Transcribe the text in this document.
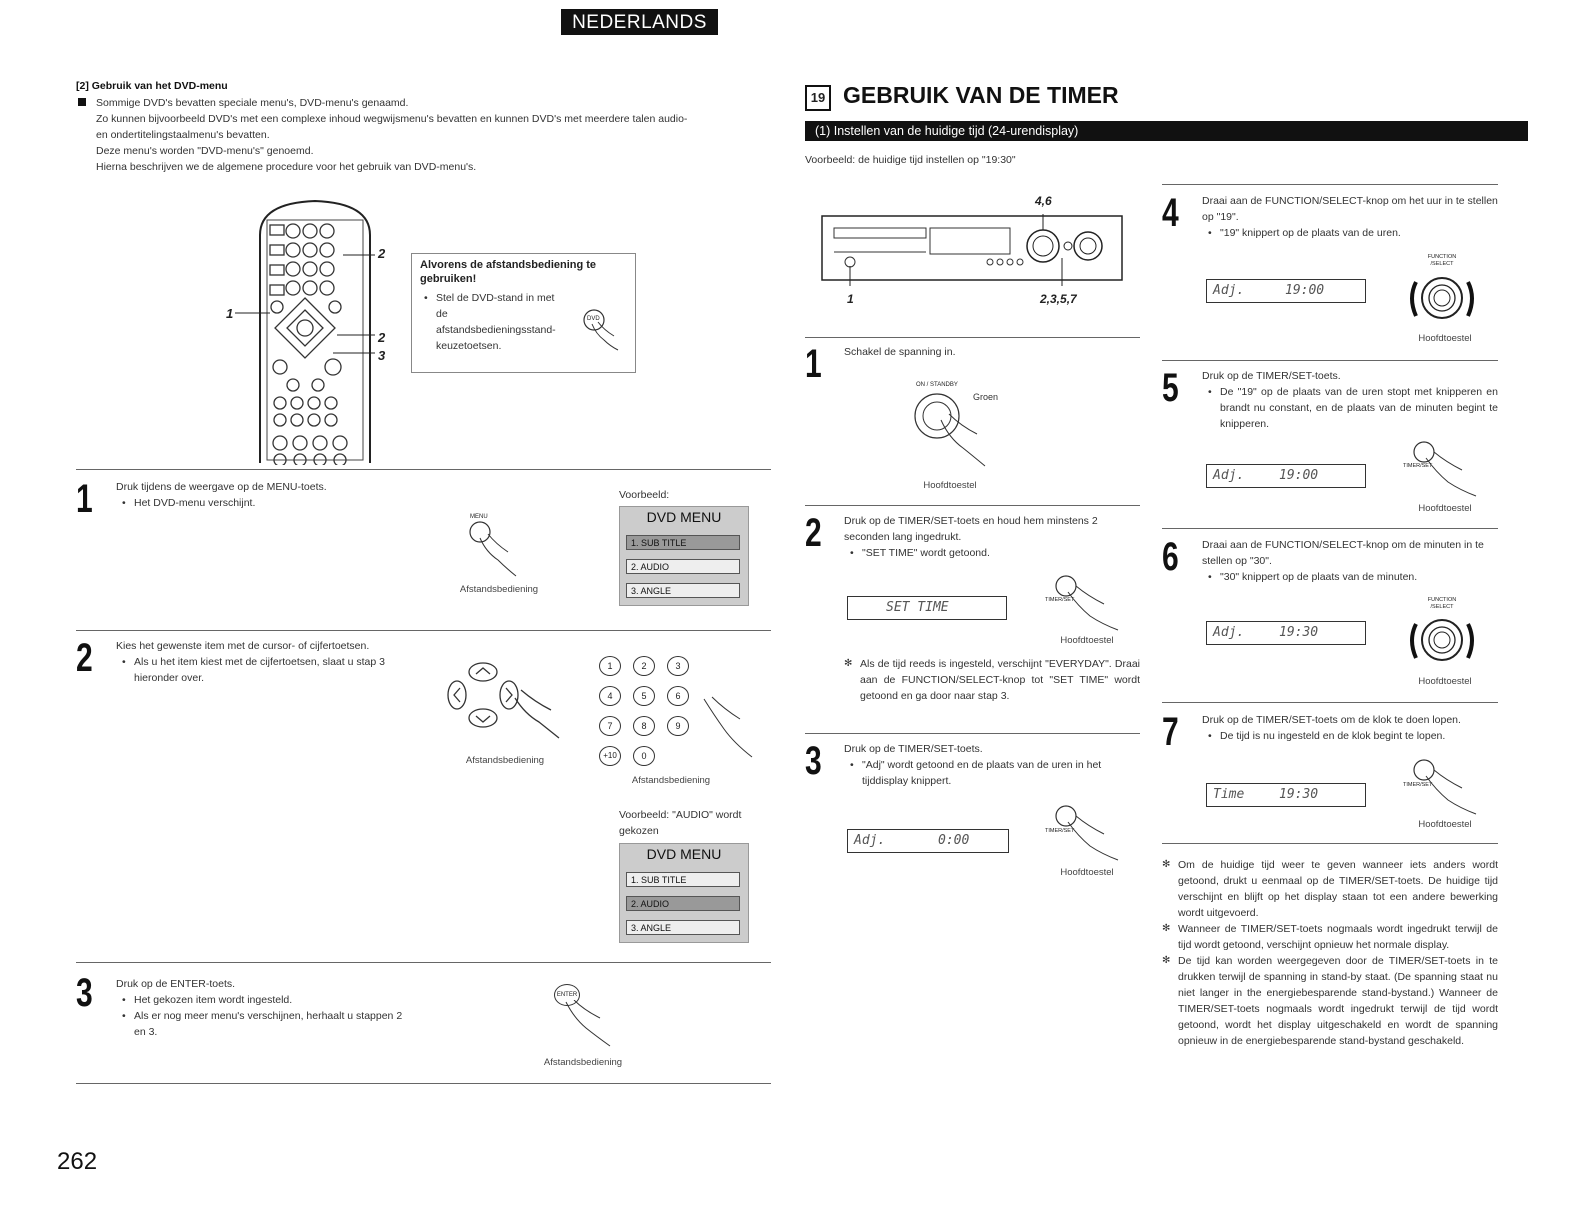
NEDERLANDS
[2] Gebruik van het DVD-menu
Sommige DVD's bevatten speciale menu's, DVD-menu's genaamd.
Zo kunnen bijvoorbeeld DVD's met een complexe inhoud wegwijsmenu's bevatten en kunnen DVD's met meerdere talen audio-
en ondertitelingstaalmenu's bevatten.
Deze menu's worden "DVD-menu's" genoemd.
Hierna beschrijven we de algemene procedure voor het gebruik van DVD-menu's.
1
2
2
3
Alvorens de afstandsbediening te gebruiken!
• Stel de DVD-stand in met de afstandsbedieningsstand-keuzetoetsen.
DVD
1 Druk tijdens de weergave op de MENU-toets.
• Het DVD-menu verschijnt.
MENU
Afstandsbediening
Voorbeeld:
DVD MENU
1. SUB TITLE
2. AUDIO
3. ANGLE
2 Kies het gewenste item met de cursor- of cijfertoetsen.
• Als u het item kiest met de cijfertoetsen, slaat u stap 3 hieronder over.
Afstandsbediening
1	2	3
4	5	6
7	8	9
+10	0
Afstandsbediening
Voorbeeld: "AUDIO" wordt gekozen
DVD MENU
1. SUB TITLE
2. AUDIO
3. ANGLE
3 Druk op de ENTER-toets.
• Het gekozen item wordt ingesteld.
• Als er nog meer menu's verschijnen, herhaalt u stappen 2 en 3.
ENTER
Afstandsbediening
262
19 GEBRUIK VAN DE TIMER
(1) Instellen van de huidige tijd (24-urendisplay)
Voorbeeld: de huidige tijd instellen op "19:30"
4,6
1	2,3,5,7
1 Schakel de spanning in.
ON / STANDBY
Groen
Hoofdtoestel
2 Druk op de TIMER/SET-toets en houd hem minstens 2 seconden lang ingedrukt.
• "SET TIME" wordt getoond.
SET TIME	TIMER/SET
Hoofdtoestel
✻ Als de tijd reeds is ingesteld, verschijnt "EVERYDAY". Draai aan de FUNCTION/SELECT-knop tot "SET TIME" wordt getoond en ga door naar stap 3.
3 Druk op de TIMER/SET-toets.
• "Adj" wordt getoond en de plaats van de uren in het tijddisplay knippert.
Adj.	0:00
TIMER/SET
Hoofdtoestel
4 Draai aan de FUNCTION/SELECT-knop om het uur in te stellen op "19".
• "19" knippert op de plaats van de uren.
Adj.	19:00
FUNCTION /SELECT
Hoofdtoestel
5 Druk op de TIMER/SET-toets.
• De "19" op de plaats van de uren stopt met knipperen en brandt nu constant, en de plaats van de minuten begint te knipperen.
Adj.	19:00
TIMER/SET
Hoofdtoestel
6 Draai aan de FUNCTION/SELECT-knop om de minuten in te stellen op "30".
• "30" knippert op de plaats van de minuten.
Adj.	19:30
FUNCTION /SELECT
Hoofdtoestel
7 Druk op de TIMER/SET-toets om de klok te doen lopen.
• De tijd is nu ingesteld en de klok begint te lopen.
Time	19:30
TIMER/SET
Hoofdtoestel
✻ Om de huidige tijd weer te geven wanneer iets anders wordt getoond, drukt u eenmaal op de TIMER/SET-toets. De huidige tijd verschijnt en blijft op het display staan tot een andere bewerking wordt uitgevoerd.
✻ Wanneer de TIMER/SET-toets nogmaals wordt ingedrukt terwijl de tijd wordt getoond, verschijnt opnieuw het normale display.
✻ De tijd kan worden weergegeven door de TIMER/SET-toets in te drukken terwijl de spanning in stand-by staat. (De spanning staat nu niet langer in the energiebesparende stand-bystand.) Wanneer de TIMER/SET-toets nogmaals wordt ingedrukt terwijl de tijd wordt getoond, wordt het display uitgeschakeld en wordt de spanning opnieuw in de energiebesparende stand-bystand geschakeld.
